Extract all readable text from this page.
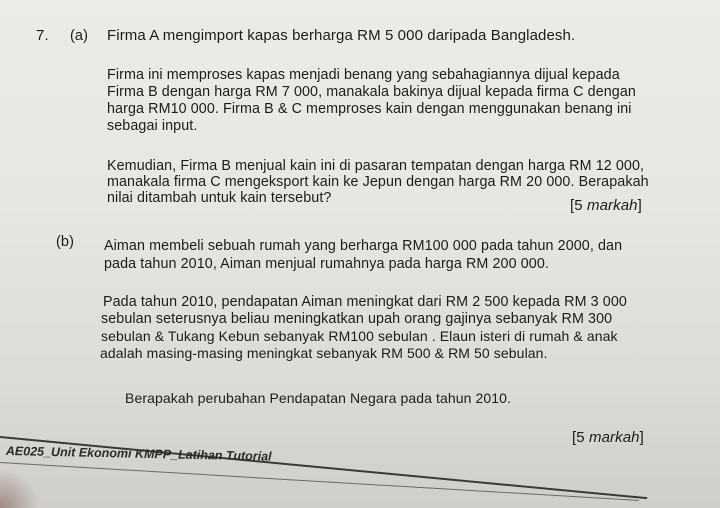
7. (a) Firma A mengimport kapas berharga RM 5 000 daripada Bangladesh.
Firma ini memproses kapas menjadi benang yang sebahagiannya dijual kepada
Firma B dengan harga RM 7 000, manakala bakinya dijual kepada firma C dengan
harga RM10 000. Firma B & C memproses kain dengan menggunakan benang ini
sebagai input.
Kemudian, Firma B menjual kain ini di pasaran tempatan dengan harga RM 12 000,
manakala firma C mengeksport kain ke Jepun dengan harga RM 20 000. Berapakah
nilai ditambah untuk kain tersebut?	[5 markah]
(b) Aiman membeli sebuah rumah yang berharga RM100 000 pada tahun 2000, dan
pada tahun 2010, Aiman menjual rumahnya pada harga RM 200 000.
Pada tahun 2010, pendapatan Aiman meningkat dari RM 2 500 kepada RM 3 000
sebulan seterusnya beliau meningkatkan upah orang gajinya sebanyak RM 300
sebulan & Tukang Kebun sebanyak RM100 sebulan . Elaun isteri di rumah & anak
adalah masing-masing meningkat sebanyak RM 500 & RM 50 sebulan.
Berapakah perubahan Pendapatan Negara pada tahun 2010.
[5 markah]
AE025_Unit Ekonomi KMPP_Latihan Tutorial
